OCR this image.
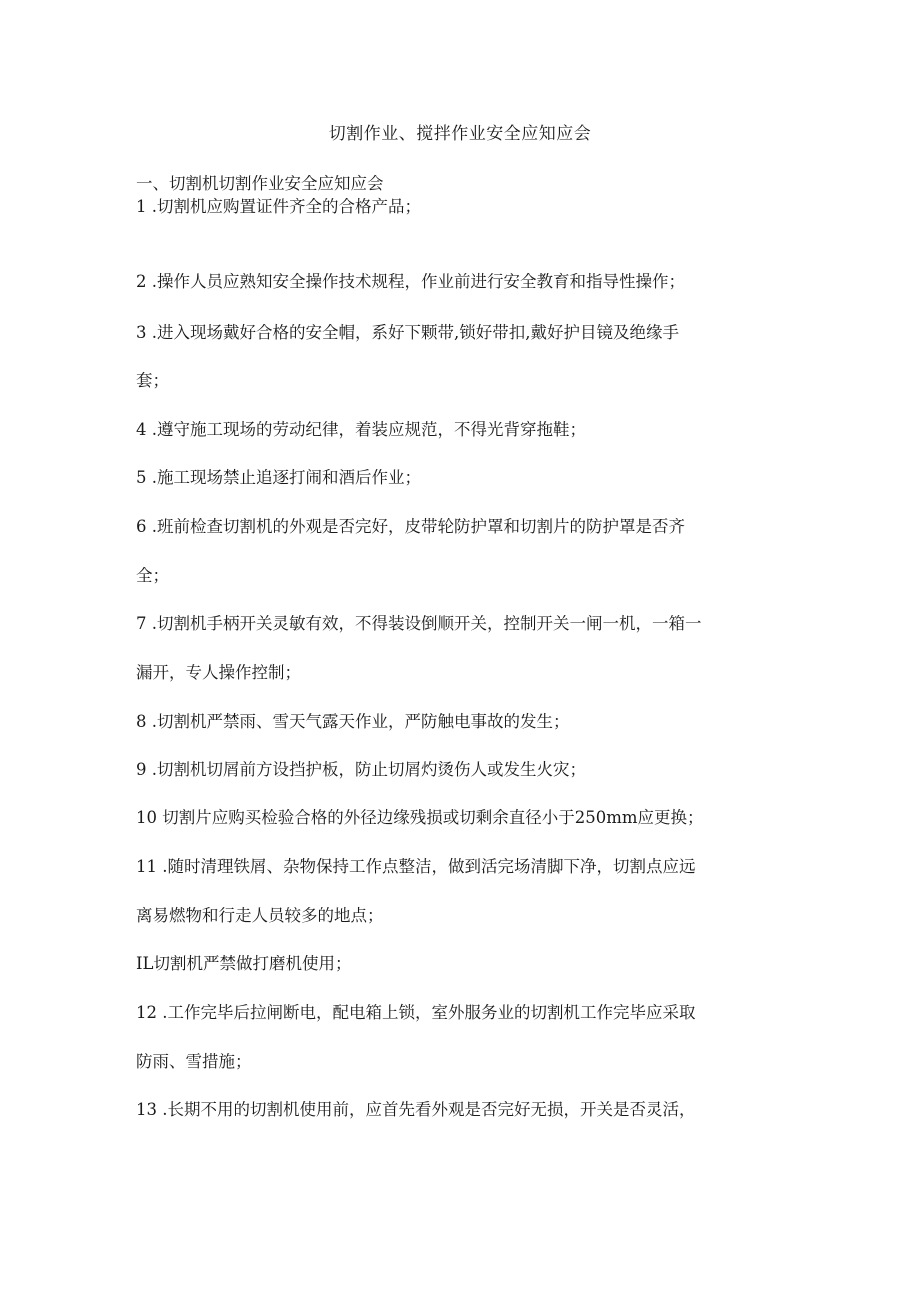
切割作业、搅拌作业安全应知应会

一、切割机切割作业安全应知应会

1 .切割机应购置证件齐全的合格产品；

2 .操作人员应熟知安全操作技术规程，作业前进行安全教育和指导性操作；

3 .进入现场戴好合格的安全帽，系好下颗带,锁好带扣,戴好护目镜及绝缘手

套；

4 .遵守施工现场的劳动纪律，着装应规范，不得光背穿拖鞋；

5 .施工现场禁止追逐打闹和酒后作业；

6 .班前检查切割机的外观是否完好，皮带轮防护罩和切割片的防护罩是否齐

全；

7 .切割机手柄开关灵敏有效，不得装设倒顺开关，控制开关一闸一机，一箱一

漏开，专人操作控制；

8 .切割机严禁雨、雪天气露天作业，严防触电事故的发生；

9 .切割机切屑前方设挡护板，防止切屑灼烫伤人或发生火灾；

10 切割片应购买检验合格的外径边缘残损或切剩余直径小于250mm应更换；

11 .随时清理铁屑、杂物保持工作点整洁，做到活完场清脚下净，切割点应远

离易燃物和行走人员较多的地点；

IL切割机严禁做打磨机使用；

12 .工作完毕后拉闸断电，配电箱上锁，室外服务业的切割机工作完毕应采取

防雨、雪措施；

13 .长期不用的切割机使用前，应首先看外观是否完好无损，开关是否灵活，
